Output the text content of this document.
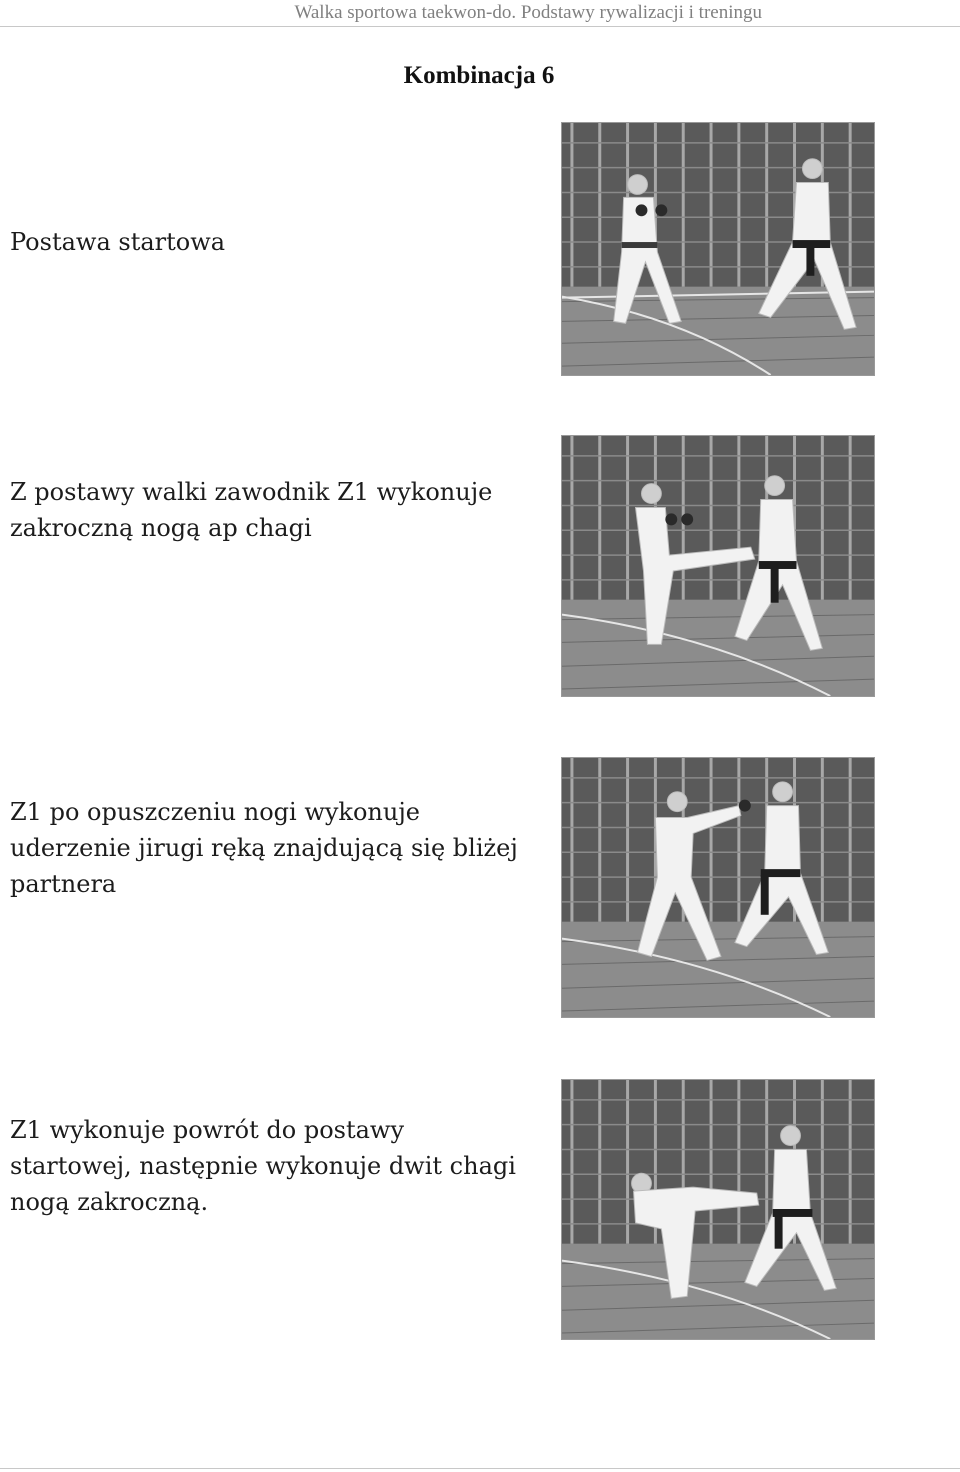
Walka sportowa taekwon-do. Podstawy rywalizacji i treningu
Kombinacja 6
Postawa startowa
Z postawy walki zawodnik Z1 wykonuje zakroczną nogą ap chagi
Z1 po opuszczeniu nogi wykonuje uderzenie jirugi ręką znajdującą się bliżej partnera
Z1 wykonuje powrót do postawy startowej, następnie wykonuje dwit chagi nogą zakroczną.
